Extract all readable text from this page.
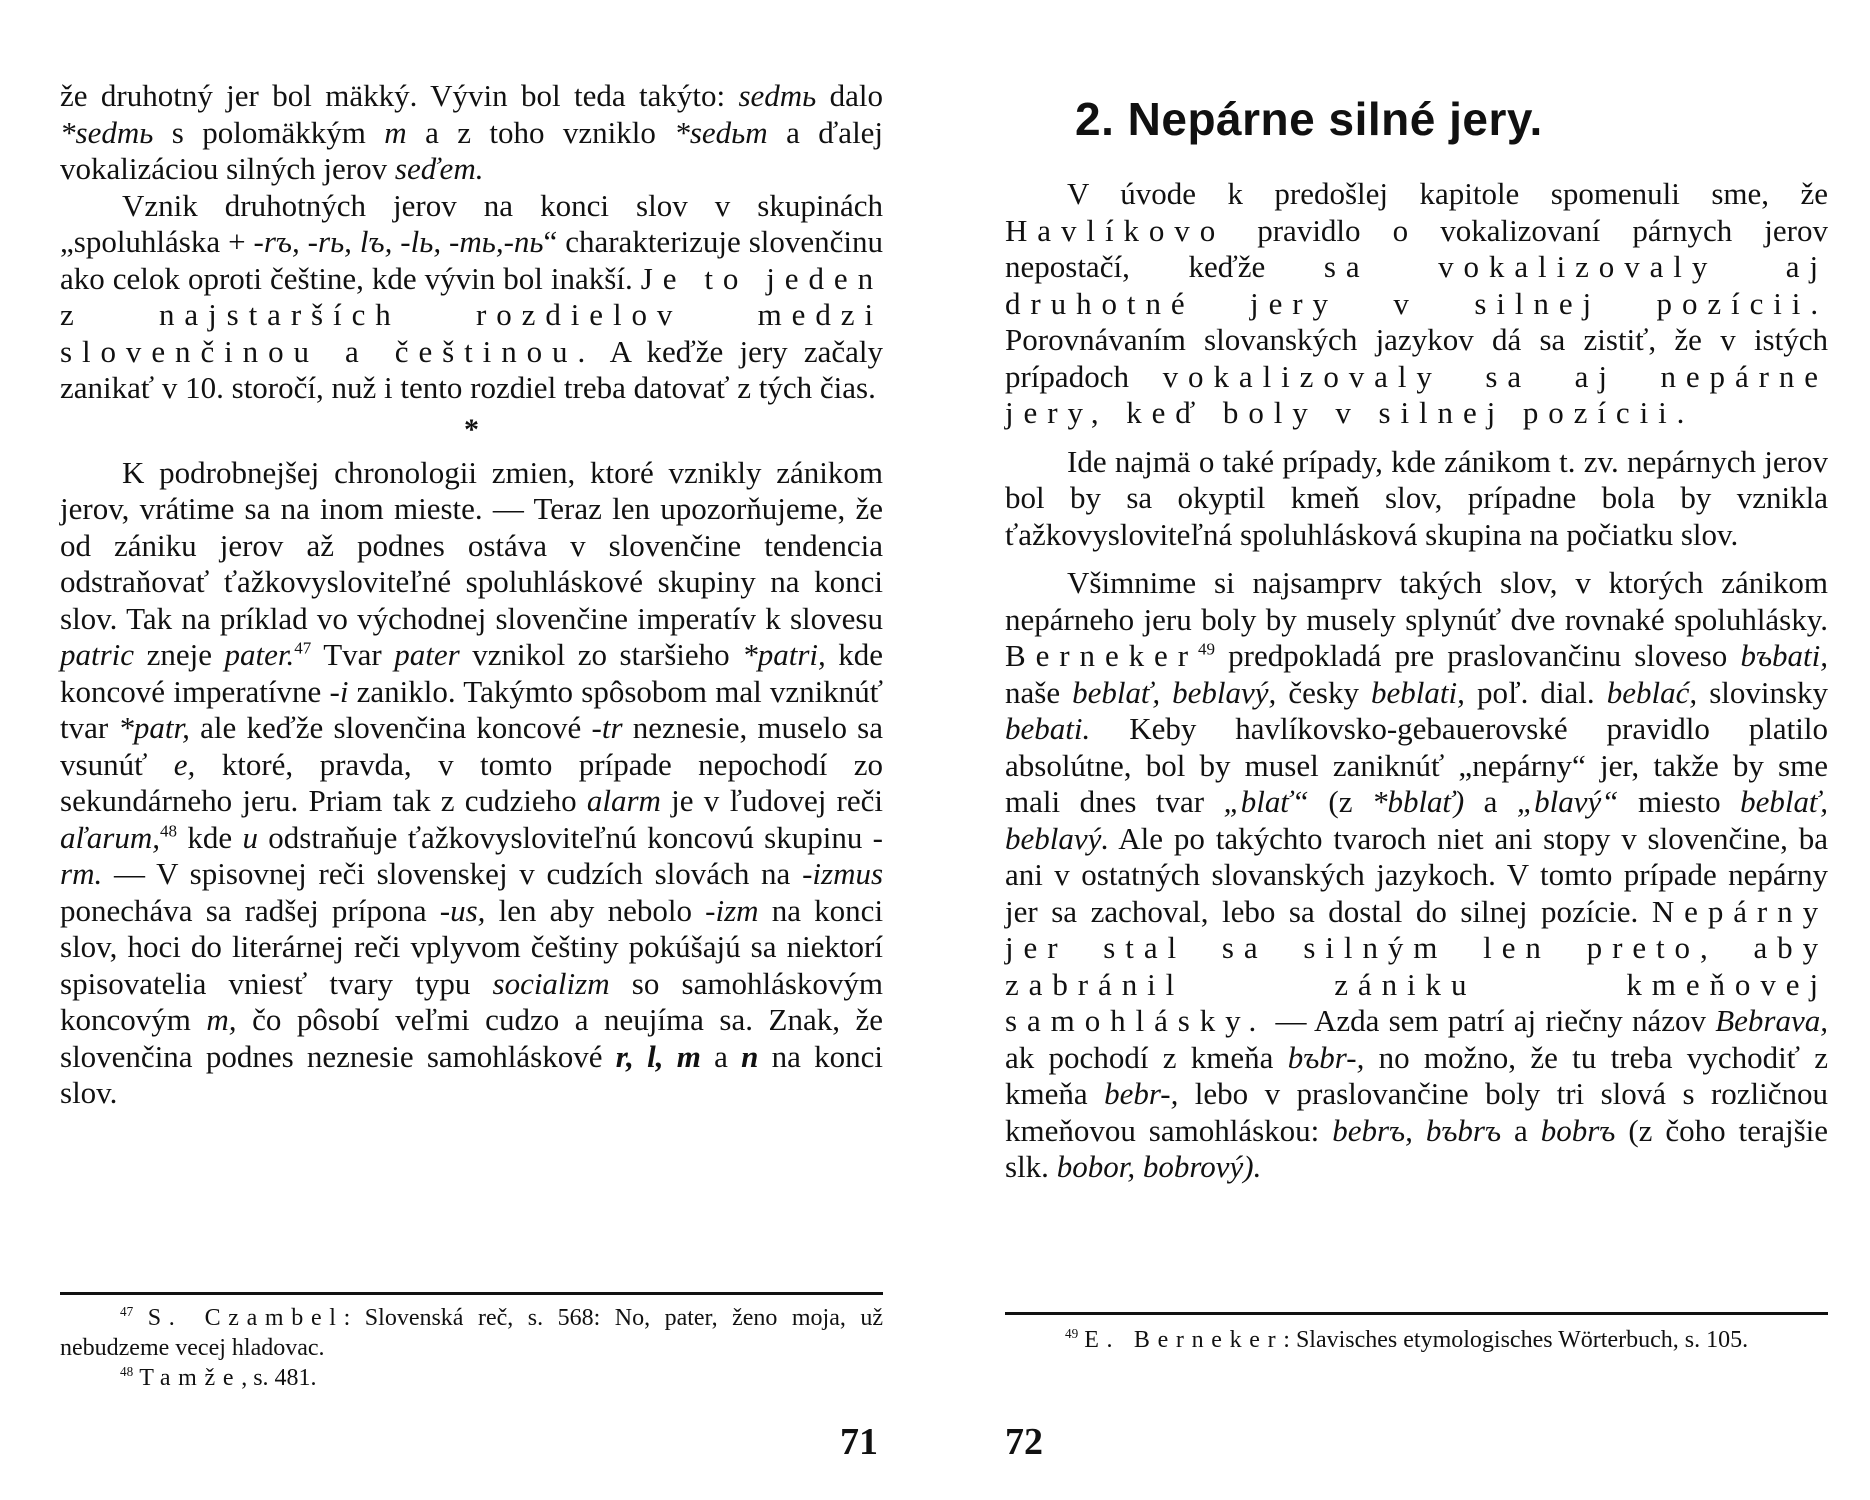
že druhotný jer bol mäkký. Vývin bol teda takýto: sedmь dalo *sedmь s polomäkkým m a z toho vzniklo *sedьm a ďalej vokalizáciou silných jerov seďem.

Vznik druhotných jerov na konci slov v skupinách „spoluhláska + -rъ, -rь, lъ, -lь, -mь,-nь“ charakterizuje slovenčinu ako celok oproti češtine, kde vývin bol inakší. Je to jeden z najstarších rozdielov medzi slovenčinou a češtinou. A keďže jery začaly zanikať v 10. storočí, nuž i tento rozdiel treba datovať z tých čias.

*

K podrobnejšej chronologii zmien, ktoré vznikly zánikom jerov, vrátime sa na inom mieste. — Teraz len upozorňujeme, že od zániku jerov až podnes ostáva v slovenčine tendencia odstraňovať ťažkovysloviteľné spoluhláskové skupiny na konci slov. Tak na príklad vo východnej slovenčine imperatív k slovesu patric zneje pater.$^{47}$ Tvar pater vznikol zo staršieho *patri, kde koncové imperatívne -i zaniklo. Takýmto spôsobom mal vzniknúť tvar *patr, ale keďže slovenčina koncové -tr neznesie, muselo sa vsunúť e, ktoré, pravda, v tomto prípade nepochodí zo sekundárneho jeru. Priam tak z cudzieho alarm je v ľudovej reči aľarum,$^{48}$ kde u odstraňuje ťažkovysloviteľnú koncovú skupinu -rm. — V spisovnej reči slovenskej v cudzích slovách na -izmus ponecháva sa radšej prípona -us, len aby nebolo -izm na konci slov, hoci do literárnej reči vplyvom češtiny pokúšajú sa niektorí spisovatelia vniesť tvary typu socializm so samohláskovým koncovým m, čo pôsobí veľmi cudzo a neujíma sa. Znak, že slovenčina podnes neznesie samohláskové r, l, m a n na konci slov.

$^{47}$ S. Czambel: Slovenská reč, s. 568: No, pater, ženo moja, už nebudzeme vecej hladovac.

$^{48}$ Tamže, s. 481.

71
2. Nepárne silné jery.

V úvode k predošlej kapitole spomenuli sme, že Havlíkovo pravidlo o vokalizovaní párnych jerov nepostačí, keďže sa vokalizovaly aj druhotné jery v silnej pozícii. Porovnávaním slovanských jazykov dá sa zistiť, že v istých prípadoch vokalizovaly sa aj nepárne jery, keď boly v silnej pozícii.

Ide najmä o také prípady, kde zánikom t. zv. nepárnych jerov bol by sa okyptil kmeň slov, prípadne bola by vznikla ťažkovysloviteľná spoluhlásková skupina na počiatku slov.

Všimnime si najsamprv takých slov, v ktorých zánikom nepárneho jeru boly by musely splynúť dve rovnaké spoluhlásky. Berneker$^{49}$ predpokladá pre praslovančinu sloveso bъbati, naše beblať, beblavý, česky beblati, poľ. dial. beblać, slovinsky bebati. Keby havlíkovsko-gebauerovské pravidlo platilo absolútne, bol by musel zaniknúť „nepárny“ jer, takže by sme mali dnes tvar „blať“ (z *bblať) a „blavý“ miesto beblať, beblavý. Ale po takýchto tvaroch niet ani stopy v slovenčine, ba ani v ostatných slovanských jazykoch. V tomto prípade nepárny jer sa zachoval, lebo sa dostal do silnej pozície. Nepárny jer stal sa silným len preto, aby zabránil zániku kmeňovej samohlásky. — Azda sem patrí aj riečny názov Bebrava, ak pochodí z kmeňa bъbr-, no možno, že tu treba vychodiť z kmeňa bebr-, lebo v praslovančine boly tri slová s rozličnou kmeňovou samohláskou: bebrъ, bъbrъ a bobrъ (z čoho terajšie slk. bobor, bobrový).

$^{49}$ E. Berneker: Slavisches etymologisches Wörterbuch, s. 105.

72
